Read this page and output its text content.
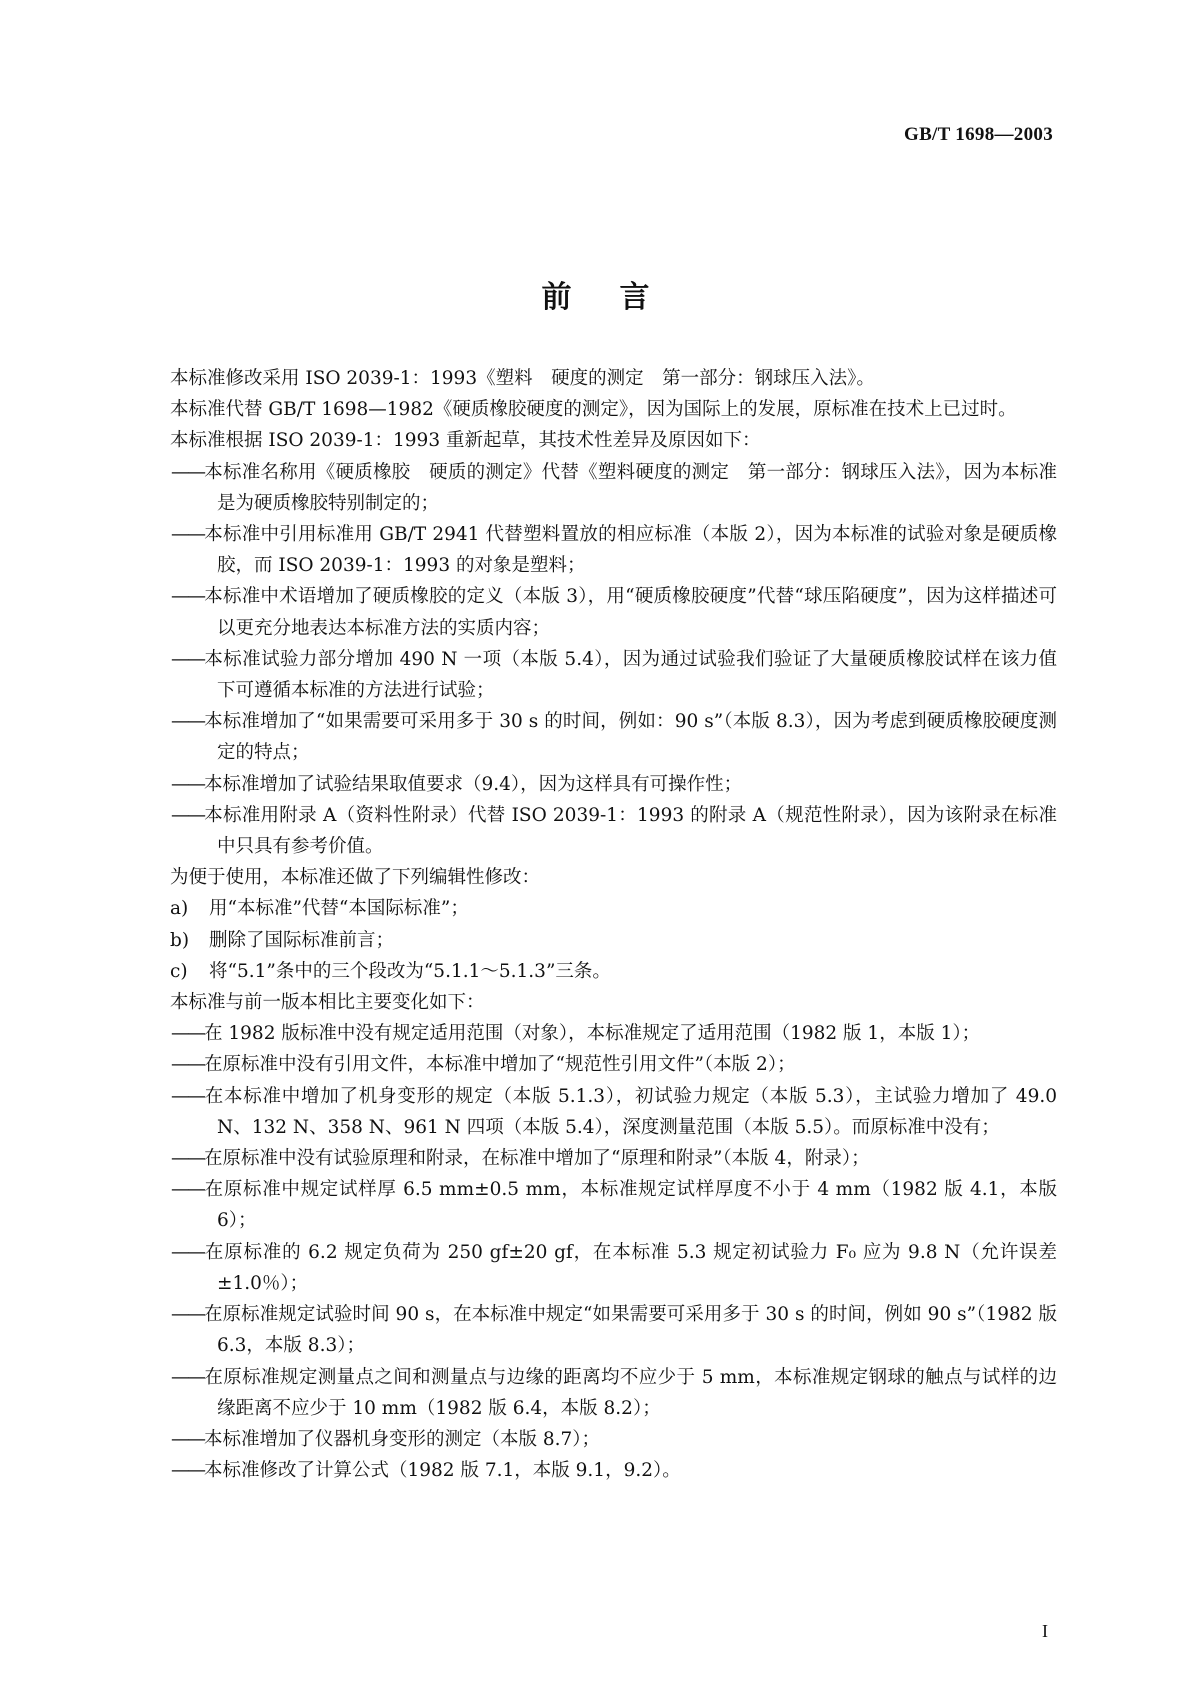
GB/T 1698—2003
前言

本标准修改采用 ISO 2039-1：1993《塑料　硬度的测定　第一部分：钢球压入法》。

本标准代替 GB/T 1698—1982《硬质橡胶硬度的测定》，因为国际上的发展，原标准在技术上已过时。

本标准根据 ISO 2039-1：1993 重新起草，其技术性差异及原因如下：

——本标准名称用《硬质橡胶　硬质的测定》代替《塑料硬度的测定　第一部分：钢球压入法》，因为本标准是为硬质橡胶特别制定的；

——本标准中引用标准用 GB/T 2941 代替塑料置放的相应标准（本版 2），因为本标准的试验对象是硬质橡胶，而 ISO 2039-1：1993 的对象是塑料；

——本标准中术语增加了硬质橡胶的定义（本版 3），用“硬质橡胶硬度”代替“球压陷硬度”，因为这样描述可以更充分地表达本标准方法的实质内容；

——本标准试验力部分增加 490 N 一项（本版 5.4），因为通过试验我们验证了大量硬质橡胶试样在该力值下可遵循本标准的方法进行试验；

——本标准增加了“如果需要可采用多于 30 s 的时间，例如：90 s”（本版 8.3），因为考虑到硬质橡胶硬度测定的特点；

——本标准增加了试验结果取值要求（9.4），因为这样具有可操作性；

——本标准用附录 A（资料性附录）代替 ISO 2039-1：1993 的附录 A（规范性附录），因为该附录在标准中只具有参考价值。

为便于使用，本标准还做了下列编辑性修改：

a) 用“本标准”代替“本国际标准”；

b) 删除了国际标准前言；

c) 将“5.1”条中的三个段改为“5.1.1～5.1.3”三条。

本标准与前一版本相比主要变化如下：

——在 1982 版标准中没有规定适用范围（对象），本标准规定了适用范围（1982 版 1，本版 1）；

——在原标准中没有引用文件，本标准中增加了“规范性引用文件”（本版 2）；

——在本标准中增加了机身变形的规定（本版 5.1.3），初试验力规定（本版 5.3），主试验力增加了 49.0 N、132 N、358 N、961 N 四项（本版 5.4），深度测量范围（本版 5.5）。而原标准中没有；

——在原标准中没有试验原理和附录，在标准中增加了“原理和附录”（本版 4，附录）；

——在原标准中规定试样厚 6.5 mm±0.5 mm，本标准规定试样厚度不小于 4 mm（1982 版 4.1，本版 6）；

——在原标准的 6.2 规定负荷为 250 gf±20 gf，在本标准 5.3 规定初试验力 F₀ 应为 9.8 N（允许误差±1.0％）；

——在原标准规定试验时间 90 s，在本标准中规定“如果需要可采用多于 30 s 的时间，例如 90 s”（1982 版 6.3，本版 8.3）；

——在原标准规定测量点之间和测量点与边缘的距离均不应少于 5 mm，本标准规定钢球的触点与试样的边缘距离不应少于 10 mm（1982 版 6.4，本版 8.2）；

——本标准增加了仪器机身变形的测定（本版 8.7）；

——本标准修改了计算公式（1982 版 7.1，本版 9.1，9.2）。

I
